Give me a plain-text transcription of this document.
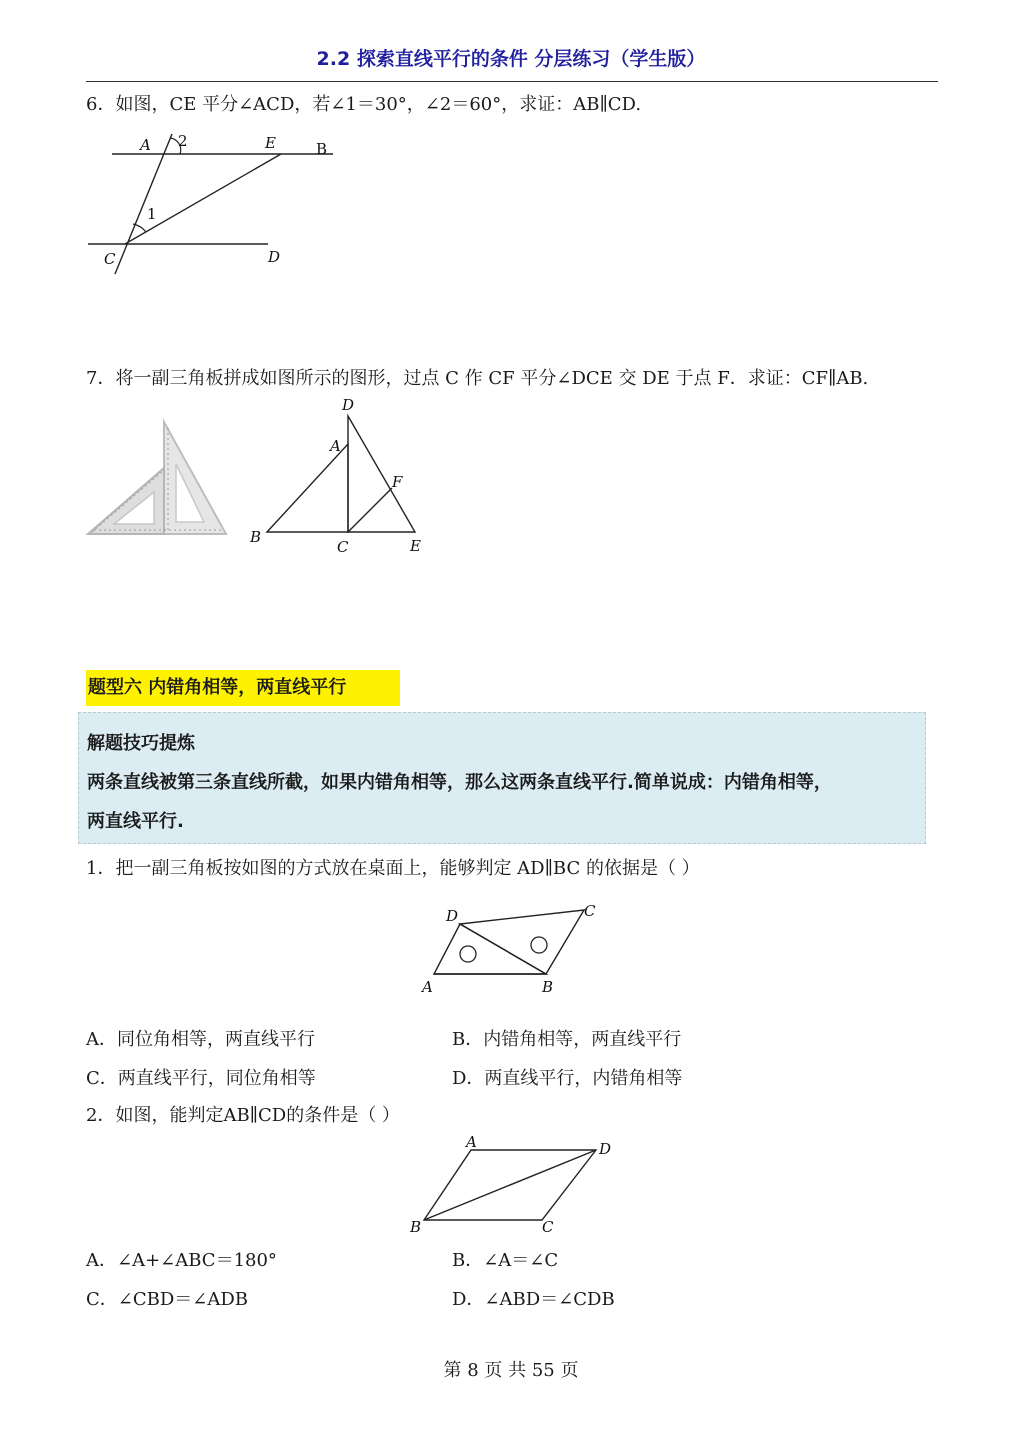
2.2 探索直线平行的条件 分层练习（学生版）
6．如图，CE 平分∠ACD，若∠1＝30°，∠2＝60°，求证：AB∥CD.
A 2	E	B
1
C	D
7．将一副三角板拼成如图所示的图形，过点 C 作 CF 平分∠DCE 交 DE 于点 F．求证：CF∥AB.
D
A
F
B
C	E
题型六 内错角相等，两直线平行
解题技巧提炼
两条直线被第三条直线所截，如果内错角相等，那么这两条直线平行.简单说成：内错角相等，
两直线平行.
1．把一副三角板按如图的方式放在桌面上，能够判定 AD∥BC 的依据是（ ）
D	C
A	B
A．同位角相等，两直线平行	B．内错角相等，两直线平行
C．两直线平行，同位角相等	D．两直线平行，内错角相等
2．如图，能判定AB∥CD的条件是（ ）
A	D
B	C
A．∠A+∠ABC＝180°	B．∠A＝∠C
C．∠CBD＝∠ADB	D．∠ABD＝∠CDB
第 8 页 共 55 页
